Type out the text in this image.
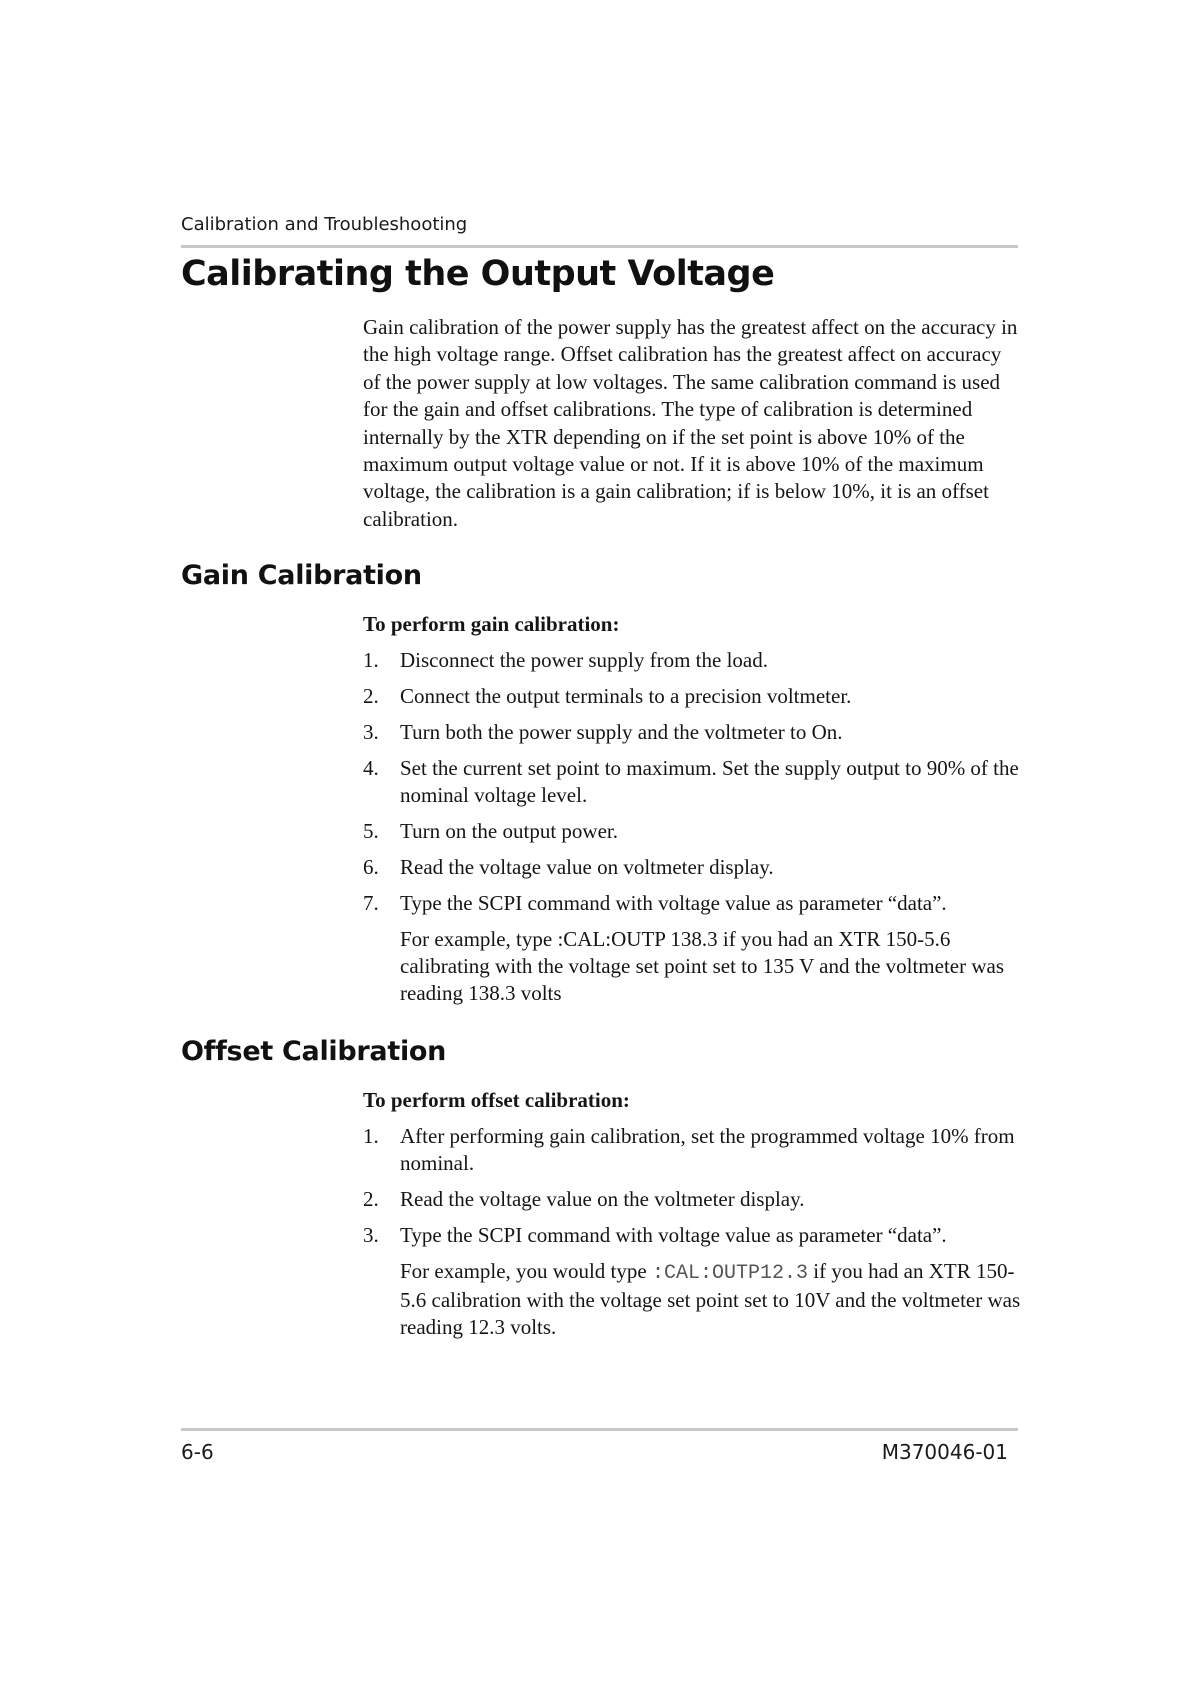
Calibration and Troubleshooting
Calibrating the Output Voltage

Gain calibration of the power supply has the greatest affect on the accuracy in the high voltage range. Offset calibration has the greatest affect on accuracy of the power supply at low voltages. The same calibration command is used for the gain and offset calibrations. The type of calibration is determined internally by the XTR depending on if the set point is above 10% of the maximum output voltage value or not. If it is above 10% of the maximum voltage, the calibration is a gain calibration; if is below 10%, it is an offset calibration.

Gain Calibration
To perform gain calibration:
1. Disconnect the power supply from the load.
2. Connect the output terminals to a precision voltmeter.
3. Turn both the power supply and the voltmeter to On.
4. Set the current set point to maximum. Set the supply output to 90% of the nominal voltage level.
5. Turn on the output power.
6. Read the voltage value on voltmeter display.
7. Type the SCPI command with voltage value as parameter “data”.
For example, type :CAL:OUTP 138.3 if you had an XTR 150-5.6 calibrating with the voltage set point set to 135 V and the voltmeter was reading 138.3 volts
Offset Calibration
To perform offset calibration:
1. After performing gain calibration, set the programmed voltage 10% from nominal.
2. Read the voltage value on the voltmeter display.
3. Type the SCPI command with voltage value as parameter “data”.
For example, you would type :CAL:OUTP12.3 if you had an XTR 150-5.6 calibration with the voltage set point set to 10V and the voltmeter was reading 12.3 volts.
6-6	M370046-01
